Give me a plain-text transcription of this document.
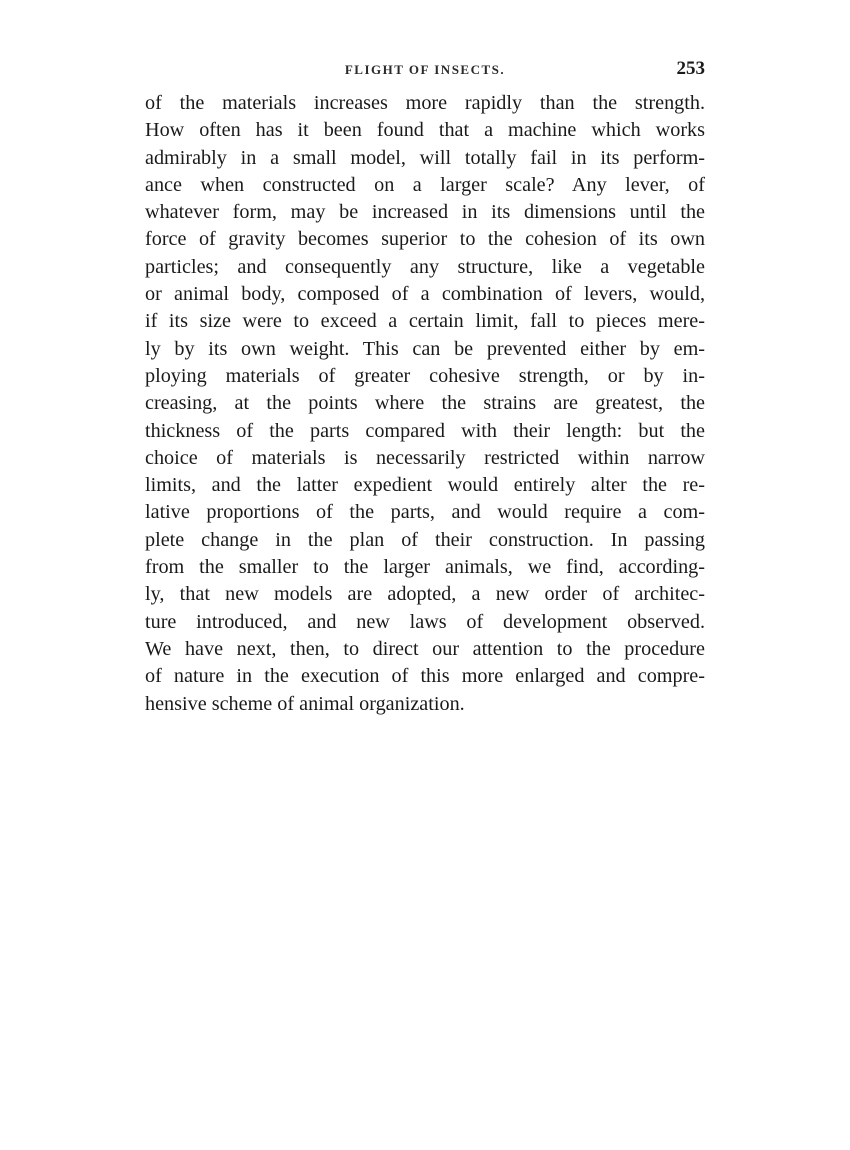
FLIGHT OF INSECTS.	253
of the materials increases more rapidly than the strength.
How often has it been found that a machine which works
admirably in a small model, will totally fail in its perform-
ance when constructed on a larger scale? Any lever, of
whatever form, may be increased in its dimensions until the
force of gravity becomes superior to the cohesion of its own
particles; and consequently any structure, like a vegetable
or animal body, composed of a combination of levers, would,
if its size were to exceed a certain limit, fall to pieces mere-
ly by its own weight. This can be prevented either by em-
ploying materials of greater cohesive strength, or by in-
creasing, at the points where the strains are greatest, the
thickness of the parts compared with their length: but the
choice of materials is necessarily restricted within narrow
limits, and the latter expedient would entirely alter the re-
lative proportions of the parts, and would require a com-
plete change in the plan of their construction. In passing
from the smaller to the larger animals, we find, according-
ly, that new models are adopted, a new order of architec-
ture introduced, and new laws of development observed.
We have next, then, to direct our attention to the procedure
of nature in the execution of this more enlarged and compre-
hensive scheme of animal organization.
